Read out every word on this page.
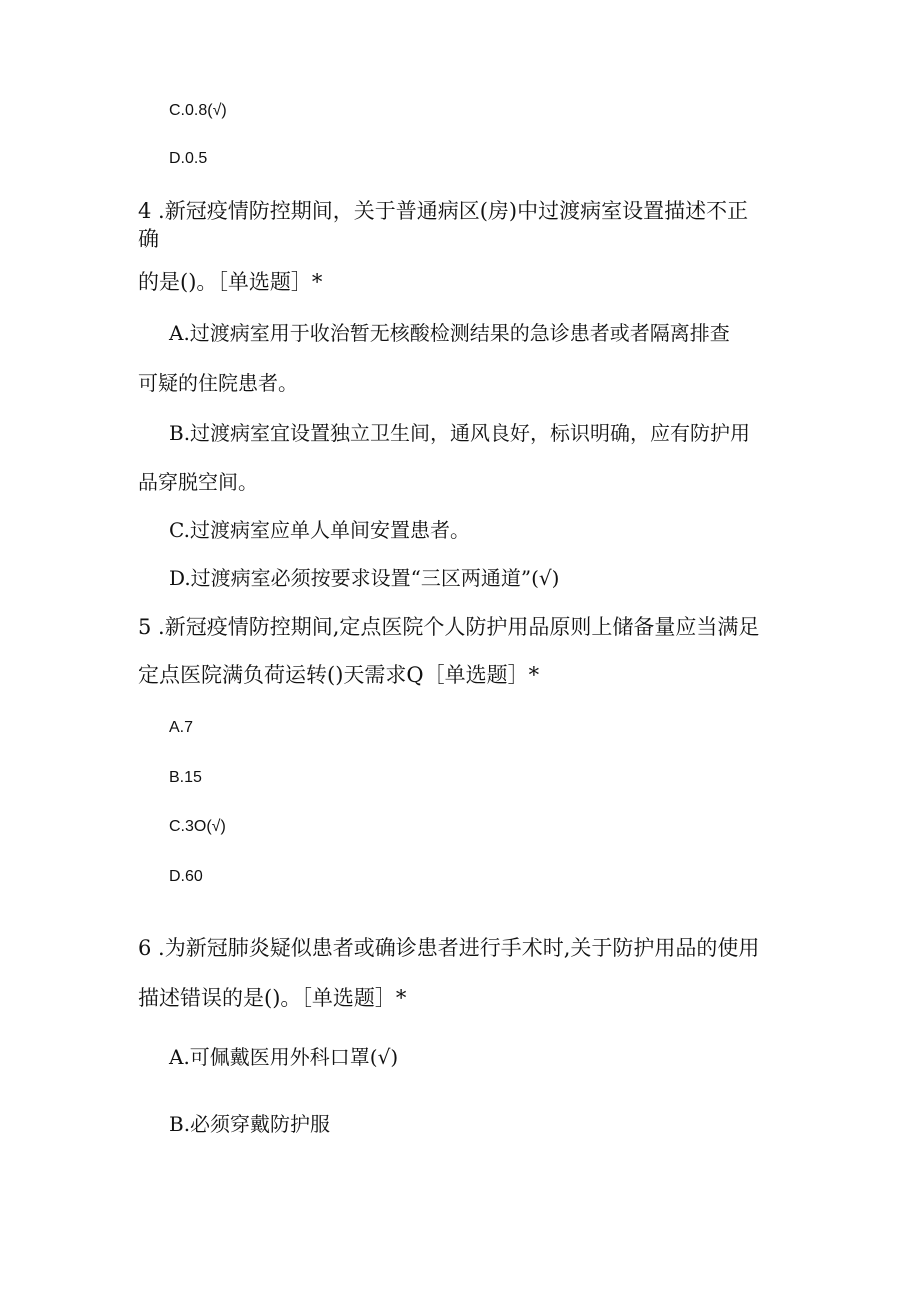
C.0.8(√)
D.0.5
4 .新冠疫情防控期间，关于普通病区(房)中过渡病室设置描述不正
确
的是()。［单选题］*
A.过渡病室用于收治暂无核酸检测结果的急诊患者或者隔离排查
可疑的住院患者。
B.过渡病室宜设置独立卫生间，通风良好，标识明确，应有防护用
品穿脱空间。
C.过渡病室应单人单间安置患者。
D.过渡病室必须按要求设置“三区两通道”(√)
5 .新冠疫情防控期间,定点医院个人防护用品原则上储备量应当满足
定点医院满负荷运转()天需求Q［单选题］*
A.7
B.15
C.3O(√)
D.60
6 .为新冠肺炎疑似患者或确诊患者进行手术时,关于防护用品的使用
描述错误的是()。［单选题］*
A.可佩戴医用外科口罩(√)
B.必须穿戴防护服
